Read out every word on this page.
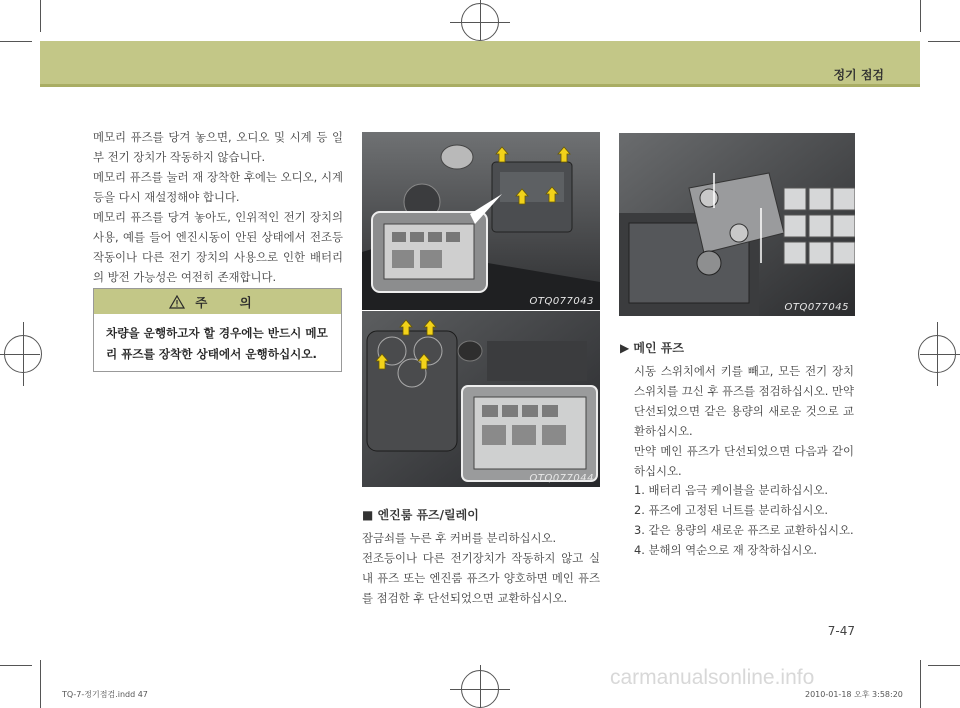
정기 점검

메모리 퓨즈를 당겨 놓으면, 오디오 및 시계 등 일부 전기 장치가 작동하지 않습니다.

메모리 퓨즈를 눌러 재 장착한 후에는 오디오, 시계등을 다시 재설정해야 합니다.

메모리 퓨즈를 당겨 놓아도, 인위적인 전기 장치의 사용, 예를 들어 엔진시동이 안된 상태에서 전조등 작동이나 다른 전기 장치의 사용으로 인한 배터리의 방전 가능성은 여전히 존재합니다.

주 의
차량을 운행하고자 할 경우에는 반드시 메모리 퓨즈를 장착한 상태에서 운행하십시오.
OTQ077043
OTQ077044
OTQ077045
■ 엔진룸 퓨즈/릴레이

잠금쇠를 누른 후 커버를 분리하십시오.

전조등이나 다른 전기장치가 작동하지 않고 실내 퓨즈 또는 엔진룸 퓨즈가 양호하면 메인 퓨즈를 점검한 후 단선되었으면 교환하십시오.

▶ 메인 퓨즈

시동 스위치에서 키를 빼고, 모든 전기 장치 스위치를 끄신 후 퓨즈를 점검하십시오. 만약 단선되었으면 같은 용량의 새로운 것으로 교환하십시오.

만약 메인 퓨즈가 단선되었으면 다음과 같이 하십시오.

1. 배터리 음극 케이블을 분리하십시오.
2. 퓨즈에 고정된 너트를 분리하십시오.
3. 같은 용량의 새로운 퓨즈로 교환하십시오.
4. 분해의 역순으로 재 장착하십시오.
7-47
carmanualsonline.info
TQ-7-정기점검.indd 47	2010-01-18 오후 3:58:20
